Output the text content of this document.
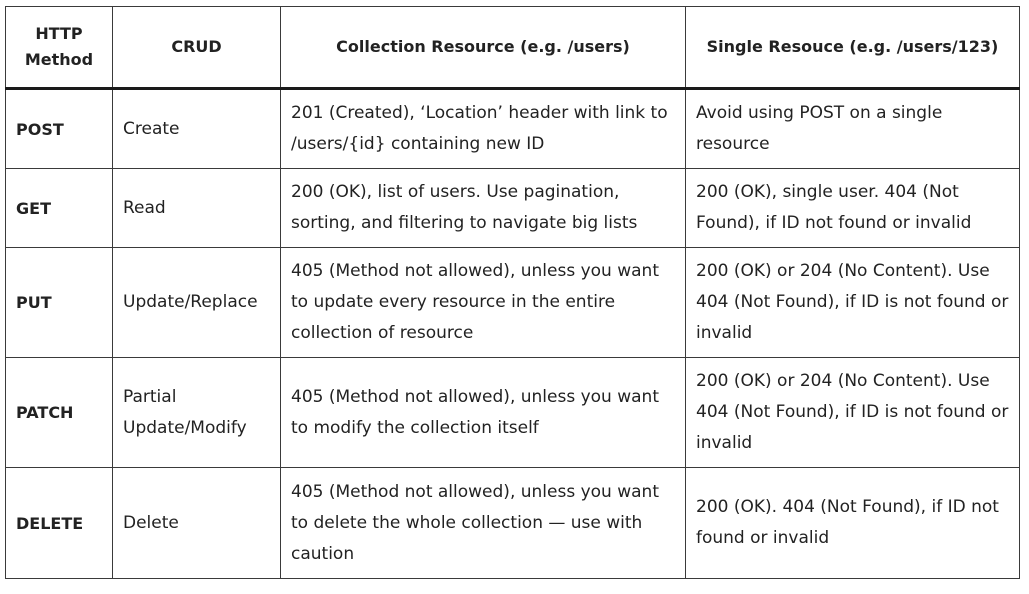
HTTP Method	CRUD	Collection Resource (e.g. /users)	Single Resouce (e.g. /users/123)
POST	Create	201 (Created), ‘Location’ header with link to /users/{id} containing new ID	Avoid using POST on a single resource
GET	Read	200 (OK), list of users. Use pagination, sorting, and filtering to navigate big lists	200 (OK), single user. 404 (Not Found), if ID not found or invalid
PUT	Update/Replace	405 (Method not allowed), unless you want to update every resource in the entire collection of resource	200 (OK) or 204 (No Content). Use 404 (Not Found), if ID is not found or invalid
PATCH	Partial Update/Modify	405 (Method not allowed), unless you want to modify the collection itself	200 (OK) or 204 (No Content). Use 404 (Not Found), if ID is not found or invalid
DELETE	Delete	405 (Method not allowed), unless you want to delete the whole collection — use with caution	200 (OK). 404 (Not Found), if ID not found or invalid
